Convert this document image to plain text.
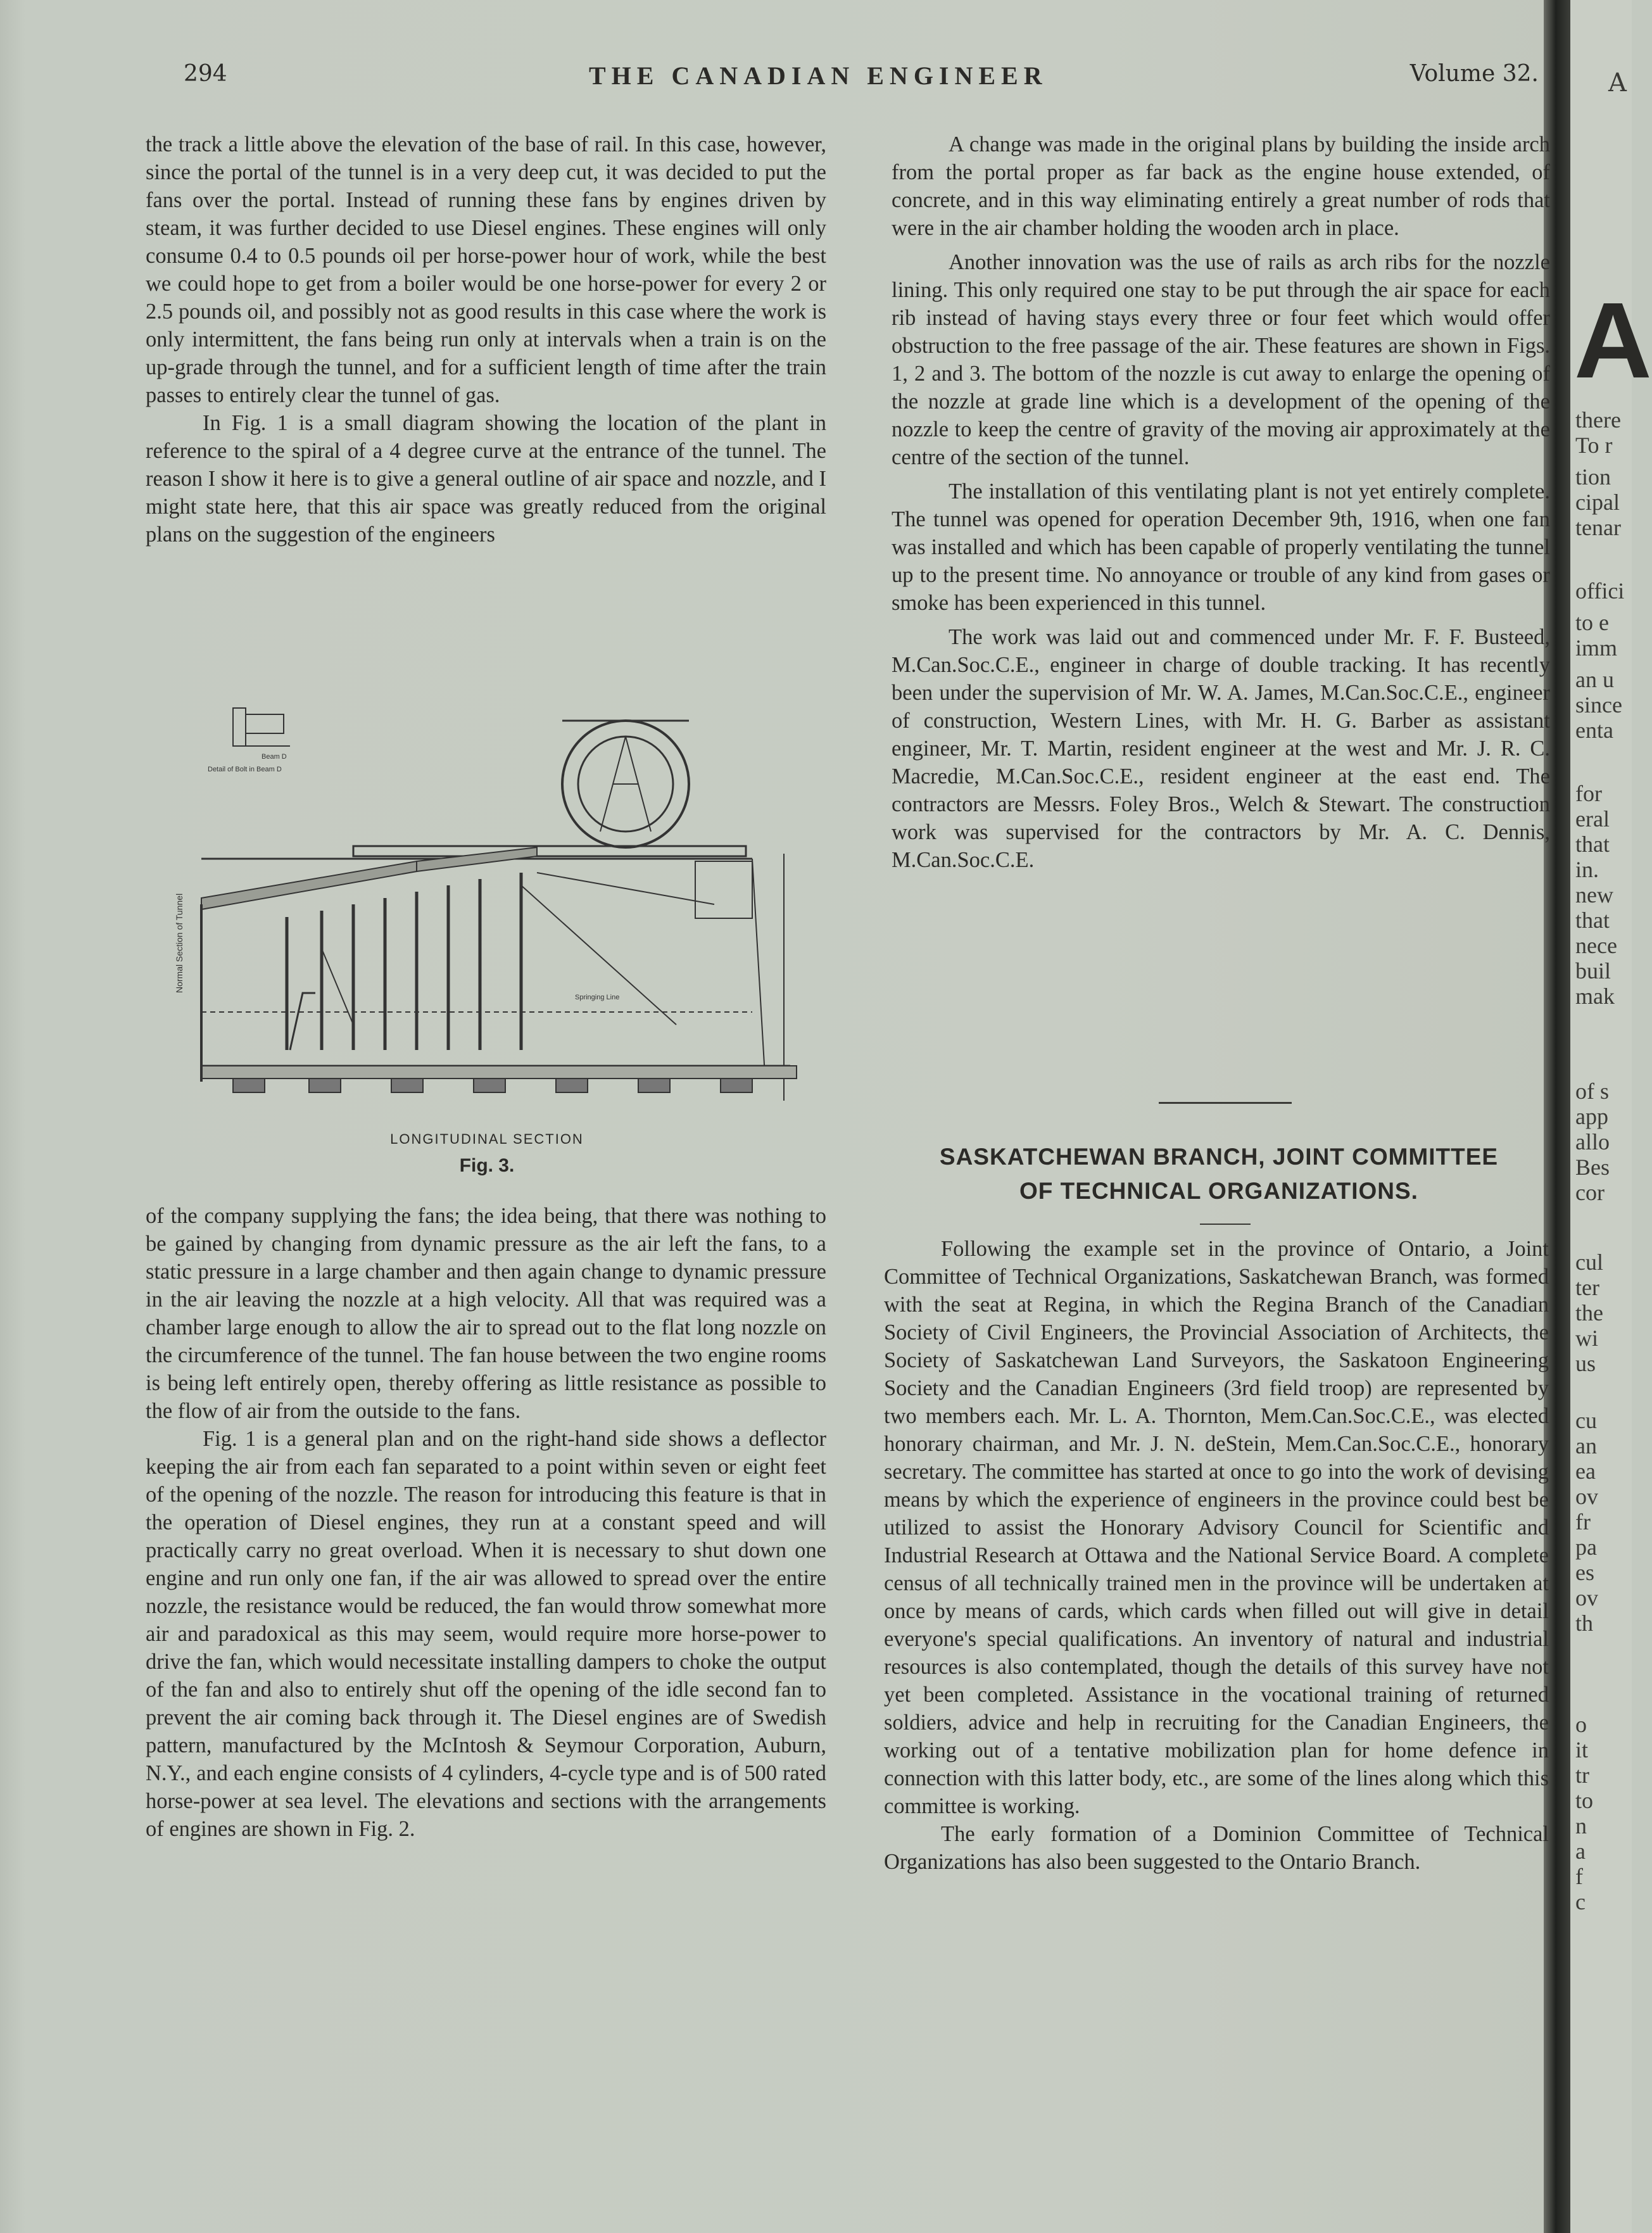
A
A
there
To r
tion
cipal
tenar
offici
to e
imm
an u
since
enta
for
eral
that
in.
new
that
nece
buil
mak
of s
app
allo
Bes
cor
cul
ter
the
wi
us
cu
an
ea
ov
fr
pa
es
ov
th
o
it
tr
to
n
a
f
c
294	THE CANADIAN ENGINEER	Volume 32.

the track a little above the elevation of the base of rail. In this case, however, since the portal of the tunnel is in a very deep cut, it was decided to put the fans over the portal. Instead of running these fans by engines driven by steam, it was further decided to use Diesel engines. These engines will only consume 0.4 to 0.5 pounds oil per horse-power hour of work, while the best we could hope to get from a boiler would be one horse-power for every 2 or 2.5 pounds oil, and possibly not as good results in this case where the work is only intermittent, the fans being run only at intervals when a train is on the up-grade through the tunnel, and for a sufficient length of time after the train passes to entirely clear the tunnel of gas.

In Fig. 1 is a small diagram showing the location of the plant in reference to the spiral of a 4 degree curve at the entrance of the tunnel. The reason I show it here is to give a general outline of air space and nozzle, and I might state here, that this air space was greatly reduced from the original plans on the suggestion of the engineers

Detail of Bolt in Beam D
Beam D
Springing Line
Normal Section of Tunnel
LONGITUDINAL SECTION
Fig. 3.

of the company supplying the fans; the idea being, that there was nothing to be gained by changing from dynamic pressure as the air left the fans, to a static pressure in a large chamber and then again change to dynamic pressure in the air leaving the nozzle at a high velocity. All that was required was a chamber large enough to allow the air to spread out to the flat long nozzle on the circumference of the tunnel. The fan house between the two engine rooms is being left entirely open, thereby offering as little resistance as possible to the flow of air from the outside to the fans.

Fig. 1 is a general plan and on the right-hand side shows a deflector keeping the air from each fan separated to a point within seven or eight feet of the opening of the nozzle. The reason for introducing this feature is that in the operation of Diesel engines, they run at a constant speed and will practically carry no great overload. When it is necessary to shut down one engine and run only one fan, if the air was allowed to spread over the entire nozzle, the resistance would be reduced, the fan would throw somewhat more air and paradoxical as this may seem, would require more horse-power to drive the fan, which would necessitate installing dampers to choke the output of the fan and also to entirely shut off the opening of the idle second fan to prevent the air coming back through it. The Diesel engines are of Swedish pattern, manufactured by the McIntosh & Seymour Corporation, Auburn, N.Y., and each engine consists of 4 cylinders, 4-cycle type and is of 500 rated horse-power at sea level. The elevations and sections with the arrangements of engines are shown in Fig. 2.

A change was made in the original plans by building the inside arch from the portal proper as far back as the engine house extended, of concrete, and in this way eliminating entirely a great number of rods that were in the air chamber holding the wooden arch in place.

Another innovation was the use of rails as arch ribs for the nozzle lining. This only required one stay to be put through the air space for each rib instead of having stays every three or four feet which would offer obstruction to the free passage of the air. These features are shown in Figs. 1, 2 and 3. The bottom of the nozzle is cut away to enlarge the opening of the nozzle at grade line which is a development of the opening of the nozzle to keep the centre of gravity of the moving air approximately at the centre of the section of the tunnel.

The installation of this ventilating plant is not yet entirely complete. The tunnel was opened for operation December 9th, 1916, when one fan was installed and which has been capable of properly ventilating the tunnel up to the present time. No annoyance or trouble of any kind from gases or smoke has been experienced in this tunnel.

The work was laid out and commenced under Mr. F. F. Busteed, M.Can.Soc.C.E., engineer in charge of double tracking. It has recently been under the supervision of Mr. W. A. James, M.Can.Soc.C.E., engineer of construction, Western Lines, with Mr. H. G. Barber as assistant engineer, Mr. T. Martin, resident engineer at the west and Mr. J. R. C. Macredie, M.Can.Soc.C.E., resident engineer at the east end. The contractors are Messrs. Foley Bros., Welch & Stewart. The construction work was supervised for the contractors by Mr. A. C. Dennis, M.Can.Soc.C.E.

SASKATCHEWAN BRANCH, JOINT COMMITTEE
OF TECHNICAL ORGANIZATIONS.

Following the example set in the province of Ontario, a Joint Committee of Technical Organizations, Saskatchewan Branch, was formed with the seat at Regina, in which the Regina Branch of the Canadian Society of Civil Engineers, the Provincial Association of Architects, the Society of Saskatchewan Land Surveyors, the Saskatoon Engineering Society and the Canadian Engineers (3rd field troop) are represented by two members each. Mr. L. A. Thornton, Mem.Can.Soc.C.E., was elected honorary chairman, and Mr. J. N. deStein, Mem.Can.Soc.C.E., honorary secretary. The committee has started at once to go into the work of devising means by which the experience of engineers in the province could best be utilized to assist the Honorary Advisory Council for Scientific and Industrial Research at Ottawa and the National Service Board. A complete census of all technically trained men in the province will be undertaken at once by means of cards, which cards when filled out will give in detail everyone's special qualifications. An inventory of natural and industrial resources is also contemplated, though the details of this survey have not yet been completed. Assistance in the vocational training of returned soldiers, advice and help in recruiting for the Canadian Engineers, the working out of a tentative mobilization plan for home defence in connection with this latter body, etc., are some of the lines along which this committee is working.

The early formation of a Dominion Committee of Technical Organizations has also been suggested to the Ontario Branch.
